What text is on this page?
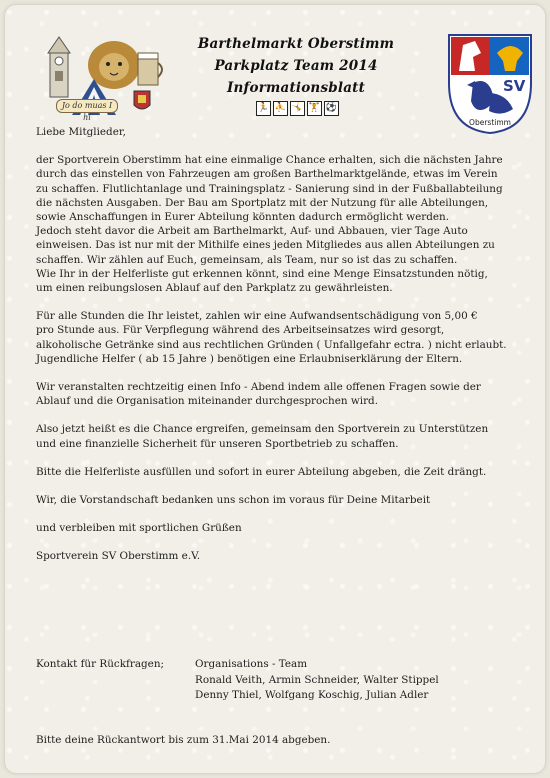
Jo do muas I hi
Barthelmarkt Oberstimm
Parkplatz Team 2014
Informationsblatt
🏃 ⛹ 🤸 🏋 ⚽
SV
Oberstimm

Liebe Mitglieder,

der Sportverein Oberstimm hat eine einmalige Chance erhalten, sich die nächsten Jahre

durch das einstellen von Fahrzeugen am großen Barthelmarktgelände, etwas im Verein

zu schaffen. Flutlichtanlage und Trainingsplatz - Sanierung sind in der Fußballabteilung

die nächsten Ausgaben. Der Bau am Sportplatz mit der Nutzung für alle Abteilungen,

sowie Anschaffungen in Eurer Abteilung könnten dadurch ermöglicht werden.

Jedoch steht davor die Arbeit am Barthelmarkt, Auf- und Abbauen, vier Tage Auto

einweisen. Das ist nur mit der Mithilfe eines jeden Mitgliedes aus allen Abteilungen zu

schaffen. Wir zählen auf Euch, gemeinsam, als Team, nur so ist das zu schaffen.

Wie Ihr in der Helferliste gut erkennen könnt, sind eine Menge Einsatzstunden nötig,

um einen reibungslosen Ablauf auf den Parkplatz zu gewährleisten.

Für alle Stunden die Ihr leistet, zahlen wir eine Aufwandsentschädigung von 5,00 €

pro Stunde aus. Für Verpflegung während des Arbeitseinsatzes wird gesorgt,

alkoholische Getränke sind aus rechtlichen Gründen ( Unfallgefahr ectra. ) nicht erlaubt.

Jugendliche Helfer ( ab 15 Jahre ) benötigen eine Erlaubniserklärung der Eltern.

Wir veranstalten rechtzeitig einen Info - Abend indem alle offenen Fragen sowie der

Ablauf und die Organisation miteinander durchgesprochen wird.

Also jetzt heißt es die Chance ergreifen, gemeinsam den Sportverein zu Unterstützen

und eine finanzielle Sicherheit für unseren Sportbetrieb zu schaffen.

Bitte die Helferliste ausfüllen und sofort in eurer Abteilung abgeben, die Zeit drängt.

Wir, die Vorstandschaft bedanken uns schon im voraus für Deine Mitarbeit

und verbleiben mit sportlichen Grüßen

Sportverein SV Oberstimm e.V.

Kontakt für Rückfragen;	Organisations - Team
Ronald Veith, Armin Schneider, Walter Stippel
Denny Thiel, Wolfgang Koschig, Julian Adler
Bitte deine Rückantwort bis zum 31.Mai 2014 abgeben.
